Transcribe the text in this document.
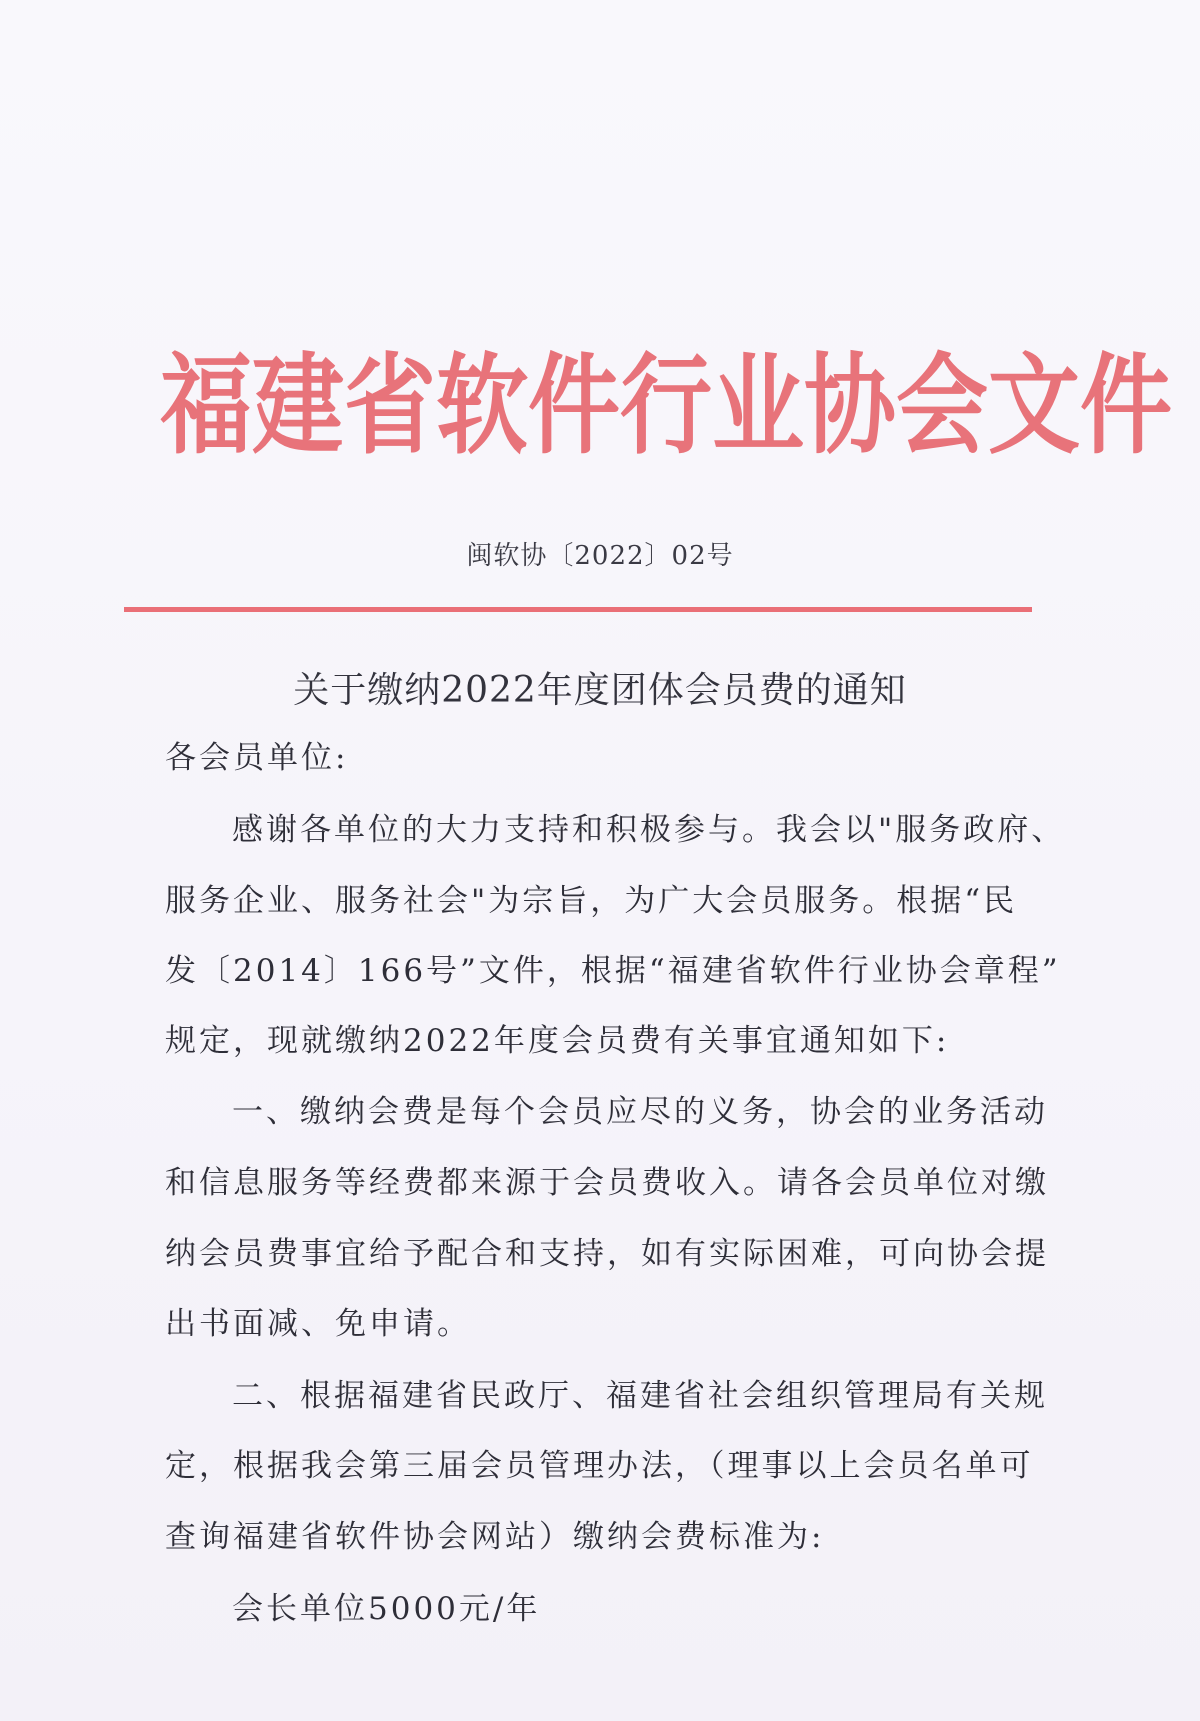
福建省软件行业协会文件
闽软协〔2022〕02号
关于缴纳2022年度团体会员费的通知
各会员单位:
感谢各单位的大力支持和积极参与。我会以"服务政府、
服务企业、服务社会"为宗旨，为广大会员服务。根据“民
发〔2014〕166号”文件，根据“福建省软件行业协会章程”
规定，现就缴纳2022年度会员费有关事宜通知如下:
一、缴纳会费是每个会员应尽的义务，协会的业务活动
和信息服务等经费都来源于会员费收入。请各会员单位对缴
纳会员费事宜给予配合和支持，如有实际困难，可向协会提
出书面减、免申请。
二、根据福建省民政厅、福建省社会组织管理局有关规
定，根据我会第三届会员管理办法，（理事以上会员名单可
查询福建省软件协会网站）缴纳会费标准为:
会长单位5000元/年
